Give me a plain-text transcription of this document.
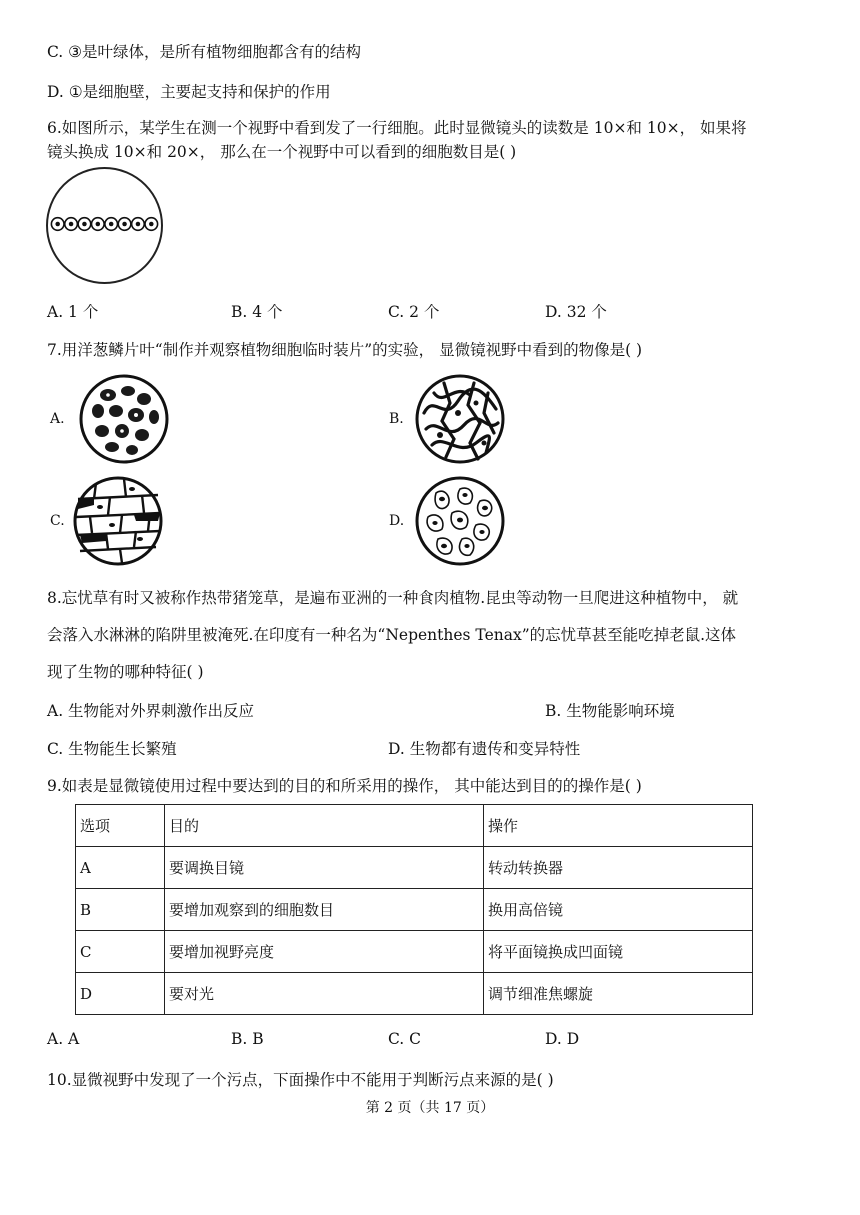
C. ③是叶绿体，是所有植物细胞都含有的结构
D. ①是细胞壁，主要起支持和保护的作用
6.如图所示，某学生在测一个视野中看到发了一行细胞。此时显微镜头的读数是 10×和 10×， 如果将
镜头换成 10×和 20×， 那么在一个视野中可以看到的细胞数目是( )
A. 1 个	B. 4 个	C. 2 个	D. 32 个
7.用洋葱鳞片叶“制作并观察植物细胞临时装片”的实验， 显微镜视野中看到的物像是( )
A.	B.
C.	D.
8.忘忧草有时又被称作热带猪笼草，是遍布亚洲的一种食肉植物.昆虫等动物一旦爬进这种植物中， 就
会落入水淋淋的陷阱里被淹死.在印度有一种名为“Nepenthes Tenax”的忘忧草甚至能吃掉老鼠.这体
现了生物的哪种特征( )
A. 生物能对外界刺激作出反应	B. 生物能影响环境
C. 生物能生长繁殖	D. 生物都有遗传和变异特性
9.如表是显微镜使用过程中要达到的目的和所采用的操作， 其中能达到目的的操作是( )
选项	目的	操作
A	要调换目镜	转动转换器
B	要增加观察到的细胞数目	换用高倍镜
C	要增加视野亮度	将平面镜换成凹面镜
D	要对光	调节细准焦螺旋
A. A	B. B	C. C	D. D
10.显微视野中发现了一个污点，下面操作中不能用于判断污点来源的是( )
第 2 页（共 17 页）
